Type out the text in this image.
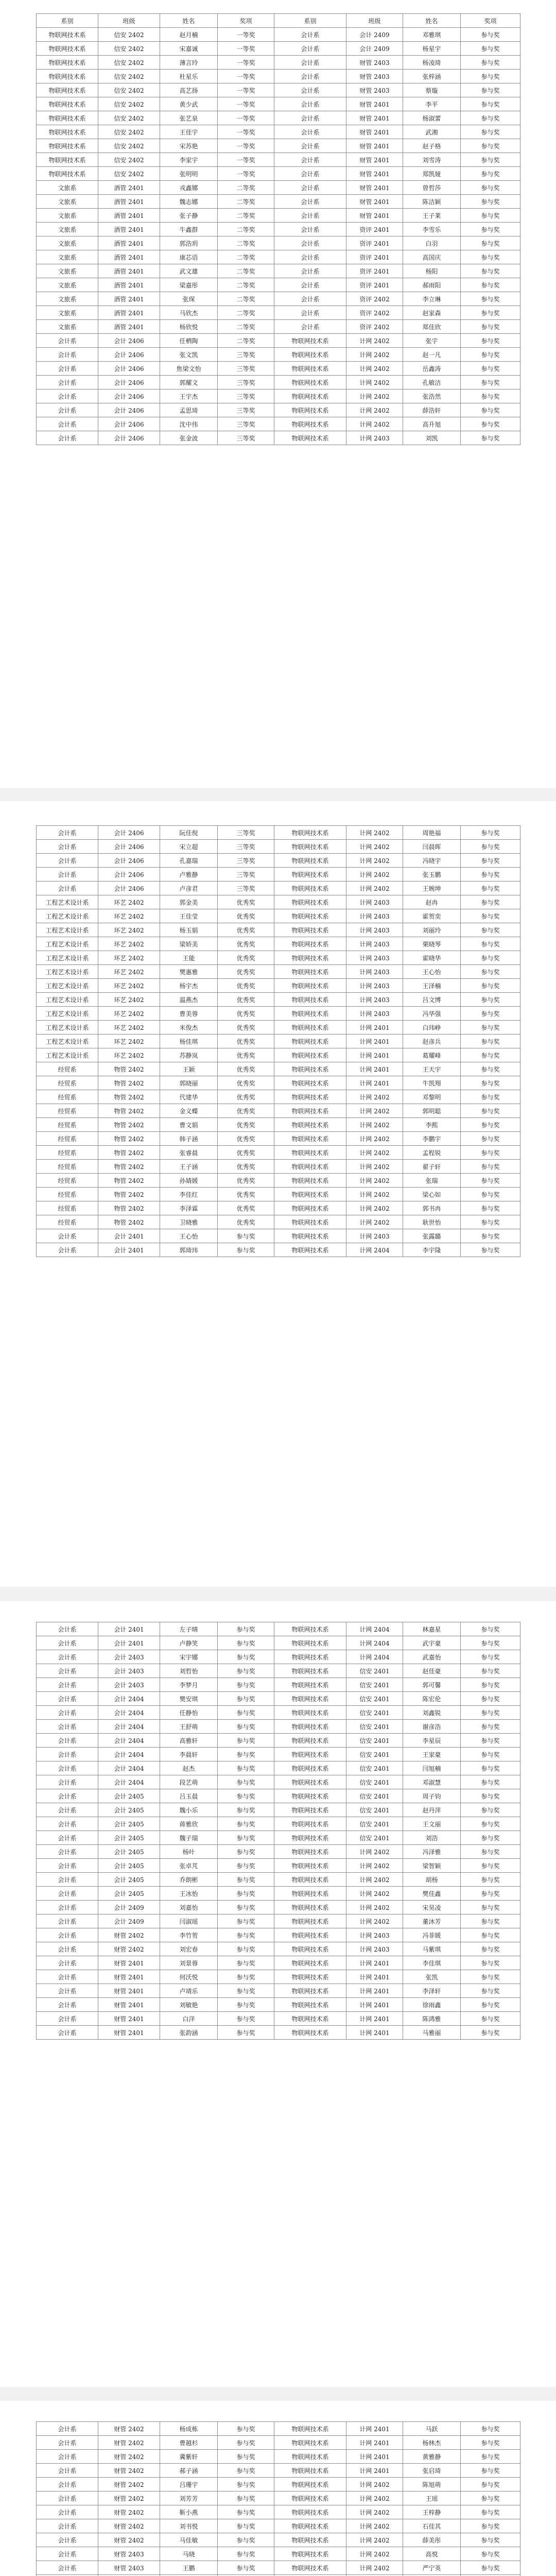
系别	班级	姓名	奖项	系别	班级	姓名	奖项
物联网技术系	信安 2402	赵月楠	一等奖	会计系	会计 2409	邓雅琪	参与奖
物联网技术系	信安 2402	宋嘉诚	一等奖	会计系	会计 2409	杨星宇	参与奖
物联网技术系	信安 2402	薄言玲	一等奖	会计系	财管 2403	杨凌琦	参与奖
物联网技术系	信安 2402	杜星乐	一等奖	会计系	财管 2403	张梓涵	参与奖
物联网技术系	信安 2402	高艺扬	一等奖	会计系	财管 2403	蔡璇	参与奖
物联网技术系	信安 2402	黄少武	一等奖	会计系	财管 2401	李平	参与奖
物联网技术系	信安 2402	张艺泉	一等奖	会计系	财管 2401	杨淑蕾	参与奖
物联网技术系	信安 2402	王佳宇	一等奖	会计系	财管 2401	武湘	参与奖
物联网技术系	信安 2402	宋苏艳	一等奖	会计系	财管 2401	赵子格	参与奖
物联网技术系	信安 2402	李家宇	一等奖	会计系	财管 2401	刘雪涛	参与奖
物联网技术系	信安 2402	张明明	一等奖	会计系	财管 2401	郑凯娅	参与奖
文旅系	酒管 2401	戎鑫娜	二等奖	会计系	财管 2401	曾哲莎	参与奖
文旅系	酒管 2401	魏志娜	二等奖	会计系	财管 2401	陈洁颖	参与奖
文旅系	酒管 2401	张子静	二等奖	会计系	财管 2401	王子莱	参与奖
文旅系	酒管 2401	牛鑫群	二等奖	会计系	资评 2401	李雪乐	参与奖
文旅系	酒管 2401	郭浩玥	二等奖	会计系	资评 2401	白羽	参与奖
文旅系	酒管 2401	康芯语	二等奖	会计系	资评 2401	高国庆	参与奖
文旅系	酒管 2401	武文雄	二等奖	会计系	资评 2401	杨阳	参与奖
文旅系	酒管 2401	梁嘉彤	二等奖	会计系	资评 2401	郝雨阳	参与奖
文旅系	酒管 2401	张琛	二等奖	会计系	资评 2402	李立琳	参与奖
文旅系	酒管 2401	马欣杰	二等奖	会计系	资评 2402	赵家森	参与奖
文旅系	酒管 2401	杨欣悦	二等奖	会计系	资评 2402	郑佳欣	参与奖
会计系	会计 2406	任栖陶	二等奖	物联网技术系	计网 2402	张宇	参与奖
会计系	会计 2406	张文凯	三等奖	物联网技术系	计网 2402	赵一凡	参与奖
会计系	会计 2406	焦梁文怡	三等奖	物联网技术系	计网 2402	岳鑫涛	参与奖
会计系	会计 2406	郭耀文	三等奖	物联网技术系	计网 2402	孔敏洁	参与奖
会计系	会计 2406	王宇杰	三等奖	物联网技术系	计网 2402	张浩然	参与奖
会计系	会计 2406	孟思琦	三等奖	物联网技术系	计网 2402	薛浩轩	参与奖
会计系	会计 2406	沈中伟	三等奖	物联网技术系	计网 2402	高升旭	参与奖
会计系	会计 2406	张金波	三等奖	物联网技术系	计网 2403	刘凯	参与奖
会计系	会计 2406	阮佳倪	三等奖	物联网技术系	计网 2402	周艳福	参与奖
会计系	会计 2406	宋立超	三等奖	物联网技术系	计网 2402	闫晨晖	参与奖
会计系	会计 2406	孔嘉瑞	三等奖	物联网技术系	计网 2402	冯晓宇	参与奖
会计系	会计 2406	卢雅静	三等奖	物联网技术系	计网 2402	张玉鹏	参与奖
会计系	会计 2406	卢彦君	三等奖	物联网技术系	计网 2402	王婉坤	参与奖
工程艺术设计系	环艺 2402	郭金美	优秀奖	物联网技术系	计网 2403	赵冉	参与奖
工程艺术设计系	环艺 2402	王佳莹	优秀奖	物联网技术系	计网 2403	霍贺奕	参与奖
工程艺术设计系	环艺 2402	杨玉娟	优秀奖	物联网技术系	计网 2403	刘丽玲	参与奖
工程艺术设计系	环艺 2402	梁娇美	优秀奖	物联网技术系	计网 2403	栗晓琴	参与奖
工程艺术设计系	环艺 2402	王能	优秀奖	物联网技术系	计网 2403	霍晓华	参与奖
工程艺术设计系	环艺 2402	樊惠雅	优秀奖	物联网技术系	计网 2403	王心怡	参与奖
工程艺术设计系	环艺 2402	杨宇杰	优秀奖	物联网技术系	计网 2403	王泽楠	参与奖
工程艺术设计系	环艺 2402	温燕杰	优秀奖	物联网技术系	计网 2403	吕文博	参与奖
工程艺术设计系	环艺 2402	曹美蓉	优秀奖	物联网技术系	计网 2403	冯华强	参与奖
工程艺术设计系	环艺 2402	米俊杰	优秀奖	物联网技术系	计网 2401	白玮峥	参与奖
工程艺术设计系	环艺 2402	杨佳琪	优秀奖	物联网技术系	计网 2401	赵彦兵	参与奖
工程艺术设计系	环艺 2402	苏静岚	优秀奖	物联网技术系	计网 2401	葛耀峰	参与奖
经贸系	物管 2402	王颖	优秀奖	物联网技术系	计网 2401	王天宇	参与奖
经贸系	物管 2402	郭晓丽	优秀奖	物联网技术系	计网 2401	牛凯翔	参与奖
经贸系	物管 2402	代建华	优秀奖	物联网技术系	计网 2402	邓黎明	参与奖
经贸系	物管 2402	金义蝶	优秀奖	物联网技术系	计网 2402	郭明聪	参与奖
经贸系	物管 2402	曹文娟	优秀奖	物联网技术系	计网 2402	李熙	参与奖
经贸系	物管 2402	韩子涵	优秀奖	物联网技术系	计网 2402	李鹏宇	参与奖
经贸系	物管 2402	张睿晨	优秀奖	物联网技术系	计网 2402	孟程锐	参与奖
经贸系	物管 2402	王子涵	优秀奖	物联网技术系	计网 2402	翟子轩	参与奖
经贸系	物管 2402	孙婧媛	优秀奖	物联网技术系	计网 2402	张瑞	参与奖
经贸系	物管 2402	李佳红	优秀奖	物联网技术系	计网 2402	梁心如	参与奖
经贸系	物管 2402	李泽霖	优秀奖	物联网技术系	计网 2402	郭书冉	参与奖
经贸系	物管 2402	卫晓雅	优秀奖	物联网技术系	计网 2402	耿世怡	参与奖
会计系	会计 2401	王心怡	参与奖	物联网技术系	计网 2403	张露璐	参与奖
会计系	会计 2401	郭琦玮	参与奖	物联网技术系	计网 2404	李宇隆	参与奖
会计系	会计 2401	左子晴	参与奖	物联网技术系	计网 2404	林嘉星	参与奖
会计系	会计 2401	卢静笑	参与奖	物联网技术系	计网 2404	武宇豪	参与奖
会计系	会计 2403	宋宇娜	参与奖	物联网技术系	计网 2404	武嘉怡	参与奖
会计系	会计 2403	刘哲怡	参与奖	物联网技术系	信安 2401	赵佳豪	参与奖
会计系	会计 2403	李梦月	参与奖	物联网技术系	信安 2401	郭可馨	参与奖
会计系	会计 2404	樊安琪	参与奖	物联网技术系	信安 2401	陈宏伦	参与奖
会计系	会计 2404	任静怡	参与奖	物联网技术系	信安 2401	刘鑫锐	参与奖
会计系	会计 2404	王舒萌	参与奖	物联网技术系	信安 2401	谢彦浩	参与奖
会计系	会计 2404	高雅轩	参与奖	物联网技术系	信安 2401	李星辰	参与奖
会计系	会计 2404	李晨轩	参与奖	物联网技术系	信安 2401	王家豪	参与奖
会计系	会计 2404	赵杰	参与奖	物联网技术系	信安 2401	闫旭楠	参与奖
会计系	会计 2404	段艺萌	参与奖	物联网技术系	信安 2401	邓淑慧	参与奖
会计系	会计 2405	吕玉晨	参与奖	物联网技术系	信安 2401	周子钧	参与奖
会计系	会计 2405	魏小乐	参与奖	物联网技术系	信安 2401	赵丹萍	参与奖
会计系	会计 2405	蒋雅欣	参与奖	物联网技术系	信安 2401	王文丽	参与奖
会计系	会计 2405	魏子瑞	参与奖	物联网技术系	信安 2401	刘浩	参与奖
会计系	会计 2405	杨叶	参与奖	物联网技术系	计网 2402	冯泽雅	参与奖
会计系	会计 2405	张卓芃	参与奖	物联网技术系	计网 2402	梁智颖	参与奖
会计系	会计 2405	乔朗彬	参与奖	物联网技术系	计网 2402	胡杨	参与奖
会计系	会计 2405	王冰怡	参与奖	物联网技术系	计网 2402	樊佳鑫	参与奖
会计系	会计 2409	刘嘉怡	参与奖	物联网技术系	计网 2402	宋昊凌	参与奖
会计系	会计 2409	闫淑瑶	参与奖	物联网技术系	计网 2402	董沐芳	参与奖
会计系	财管 2402	李竹贺	参与奖	物联网技术系	计网 2403	冯菲媛	参与奖
会计系	财管 2402	刘宏春	参与奖	物联网技术系	计网 2403	马紫琪	参与奖
会计系	财管 2401	刘景蓉	参与奖	物联网技术系	计网 2401	李佳琪	参与奖
会计系	财管 2401	何沃悦	参与奖	物联网技术系	计网 2401	张凯	参与奖
会计系	财管 2401	卢靖乐	参与奖	物联网技术系	计网 2401	李泽轩	参与奖
会计系	财管 2401	刘敏艳	参与奖	物联网技术系	计网 2401	徐雨鑫	参与奖
会计系	财管 2401	白洋	参与奖	物联网技术系	计网 2401	陈鸿雅	参与奖
会计系	财管 2401	张韵涵	参与奖	物联网技术系	计网 2401	马雅丽	参与奖
会计系	财管 2402	杨成栋	参与奖	物联网技术系	计网 2401	马跃	参与奖
会计系	财管 2402	曹越杉	参与奖	物联网技术系	计网 2401	杨林杰	参与奖
会计系	财管 2402	冀紫轩	参与奖	物联网技术系	计网 2401	黄雅静	参与奖
会计系	财管 2402	郝子涵	参与奖	物联网技术系	计网 2401	张启琦	参与奖
会计系	财管 2402	吕珊宇	参与奖	物联网技术系	计网 2402	陈旭萌	参与奖
会计系	财管 2402	刘芳芳	参与奖	物联网技术系	计网 2402	王瑶	参与奖
会计系	财管 2402	靳小燕	参与奖	物联网技术系	计网 2402	王梓静	参与奖
会计系	财管 2402	刘书悦	参与奖	物联网技术系	计网 2402	石佳其	参与奖
会计系	财管 2402	马佳敏	参与奖	物联网技术系	计网 2402	薛美彤	参与奖
会计系	财管 2403	马晓	参与奖	物联网技术系	计网 2402	高悦	参与奖
会计系	财管 2403	王鹏	参与奖	物联网技术系	计网 2402	严宁英	参与奖
